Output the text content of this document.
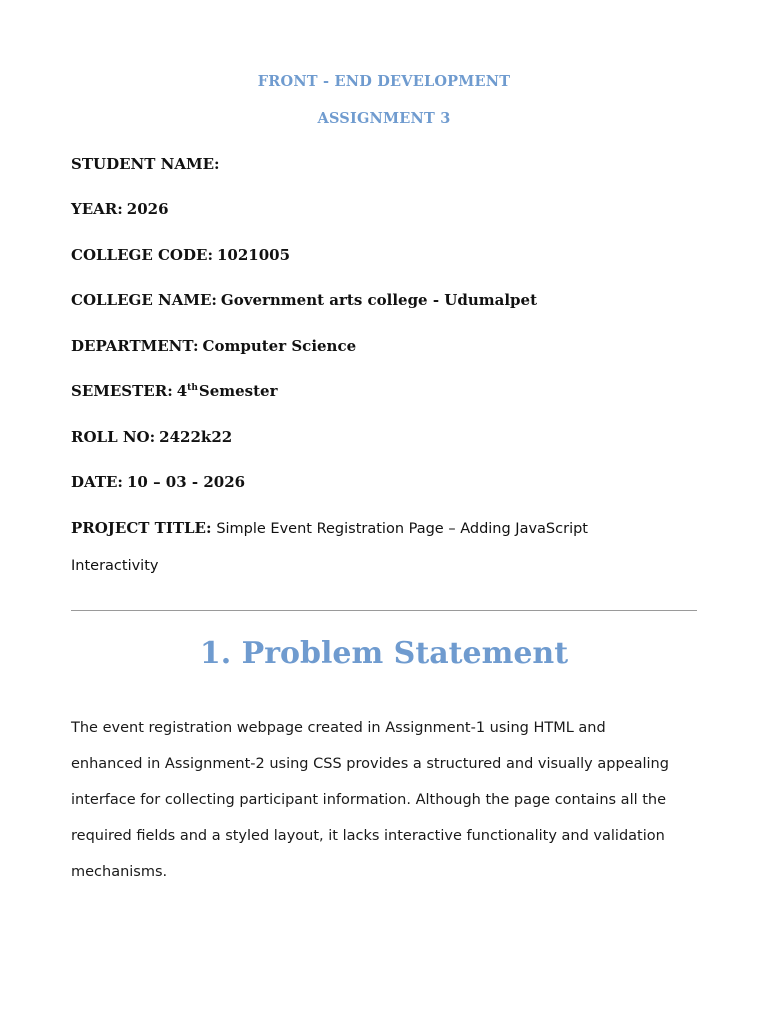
FRONT - END DEVELOPMENT
ASSIGNMENT 3
STUDENT NAME:
YEAR: 2026
COLLEGE CODE: 1021005
COLLEGE NAME: Government arts college - Udumalpet
DEPARTMENT: Computer Science
SEMESTER: 4thSemester
ROLL NO: 2422k22
DATE: 10 – 03 - 2026
PROJECT TITLE: Simple Event Registration Page – Adding JavaScript Interactivity
1. Problem Statement
The event registration webpage created in Assignment-1 using HTML and enhanced in Assignment-2 using CSS provides a structured and visually appealing interface for collecting participant information. Although the page contains all the required fields and a styled layout, it lacks interactive functionality and validation mechanisms.
